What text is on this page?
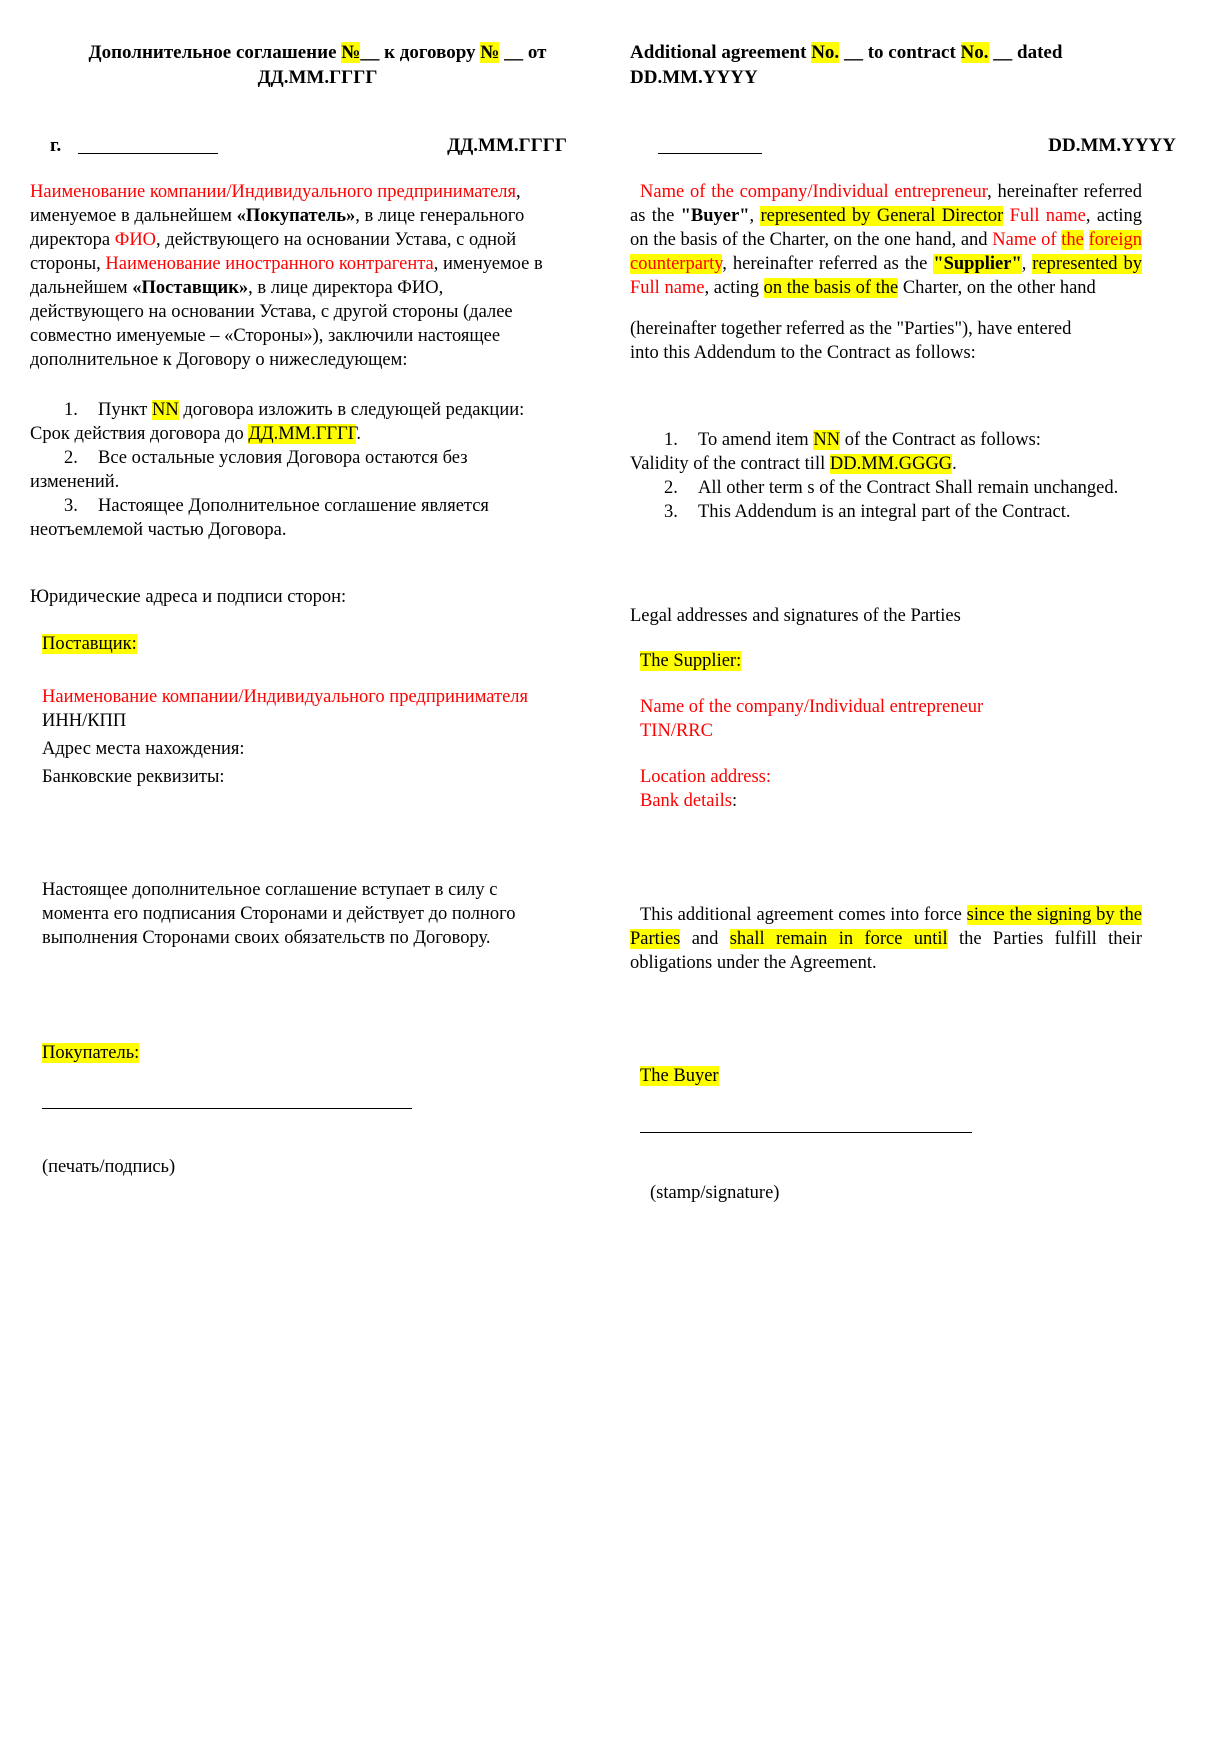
Дополнительное соглашение №__ к договору № __ от
ДД.ММ.ГГГГ
г.	ДД.ММ.ГГГГ
Наименование компании/Индивидуального предпринимателя, именуемое в дальнейшем «Покупатель», в лице генерального директора ФИО, действующего на основании Устава, с одной стороны, Наименование иностранного контрагента, именуемое в дальнейшем «Поставщик», в лице директора ФИО, действующего на основании Устава, с другой стороны (далее совместно именуемые – «Стороны»), заключили настоящее дополнительное к Договору о нижеследующем:
1. Пункт NN договора изложить в следующей редакции:
Срок действия договора до ДД.ММ.ГГГГ.
2. Все остальные условия Договора остаются без изменений.
3. Настоящее Дополнительное соглашение является неотъемлемой частью Договора.
Юридические адреса и подписи сторон:
Поставщик:
Наименование компании/Индивидуального предпринимателя
ИНН/КПП
Адрес места нахождения:
Банковские реквизиты:
Настоящее дополнительное соглашение вступает в силу с момента его подписания Сторонами и действует до полного выполнения Сторонами своих обязательств по Договору.
Покупатель:
(печать/подпись)
Additional agreement No. __ to contract No. __ dated
DD.MM.YYYY
DD.MM.YYYY
Name of the company/Individual entrepreneur, hereinafter referred as the "Buyer", represented by General Director Full name, acting on the basis of the Charter, on the one hand, and Name of the foreign counterparty, hereinafter referred as the "Supplier", represented by Full name, acting on the basis of the Charter, on the other hand
(hereinafter together referred as the "Parties"), have entered
into this Addendum to the Contract as follows:
1. To amend item NN of the Contract as follows:
Validity of the contract till DD.MM.GGGG.
2. All other term s of the Contract Shall remain unchanged.
3. This Addendum is an integral part of the Contract.
Legal addresses and signatures of the Parties
The Supplier:
Name of the company/Individual entrepreneur
TIN/RRC
Location address:
Bank details:
This additional agreement comes into force since the signing by the Parties and shall remain in force until the Parties fulfill their obligations under the Agreement.
The Buyer
(stamp/signature)
